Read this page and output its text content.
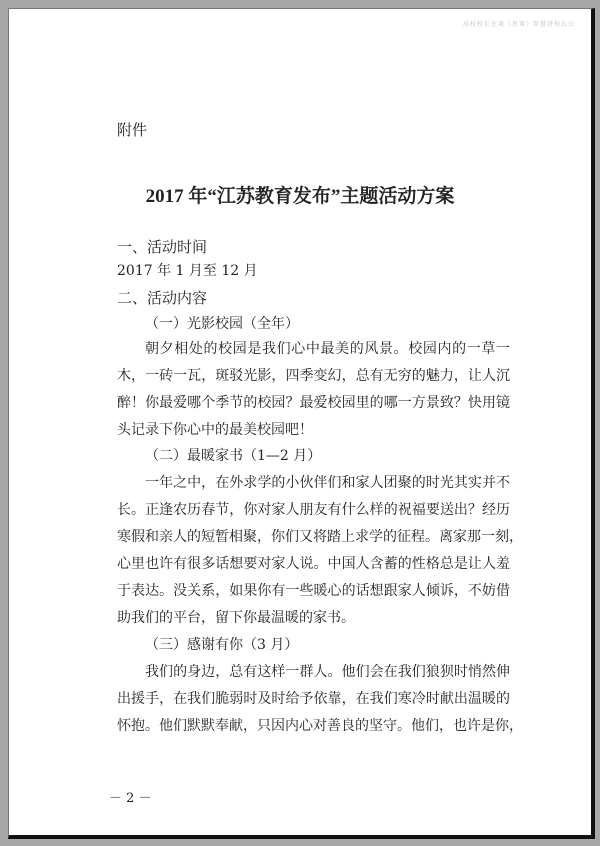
高校校长在谈《思谈》智慧讲校长公
附件
2017 年“江苏教育发布”主题活动方案
一、活动时间
2017 年 1 月至 12 月
二、活动内容
（一）光影校园（全年）
朝夕相处的校园是我们心中最美的风景。校园内的一草一
木，一砖一瓦，斑驳光影，四季变幻，总有无穷的魅力，让人沉
醉！你最爱哪个季节的校园？最爱校园里的哪一方景致？快用镜
头记录下你心中的最美校园吧！
（二）最暖家书（1—2 月）
一年之中，在外求学的小伙伴们和家人团聚的时光其实并不
长。正逢农历春节，你对家人朋友有什么样的祝福要送出？经历
寒假和亲人的短暂相聚，你们又将踏上求学的征程。离家那一刻，
心里也许有很多话想要对家人说。中国人含蓄的性格总是让人羞
于表达。没关系，如果你有一些暖心的话想跟家人倾诉，不妨借
助我们的平台，留下你最温暖的家书。
（三）感谢有你（3 月）
我们的身边，总有这样一群人。他们会在我们狼狈时悄然伸
出援手，在我们脆弱时及时给予依靠，在我们寒冷时献出温暖的
怀抱。他们默默奉献，只因内心对善良的坚守。他们，也许是你，
－ 2 －
